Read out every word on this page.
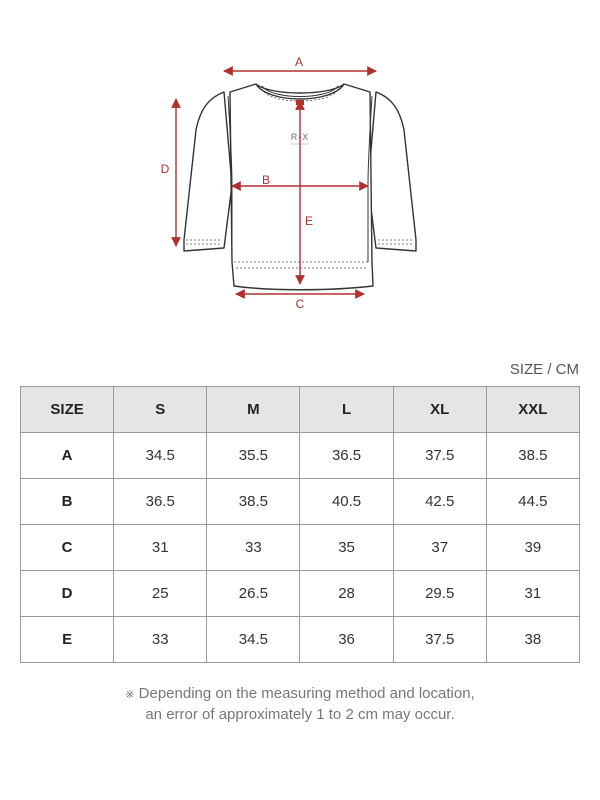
R-X
RIDE MAX
A
B
C
D
E
SIZE / CM
SIZE	S	M	L	XL	XXL
A	34.5	35.5	36.5	37.5	38.5
B	36.5	38.5	40.5	42.5	44.5
C	31	33	35	37	39
D	25	26.5	28	29.5	31
E	33	34.5	36	37.5	38
※ Depending on the measuring method and location,
an error of approximately 1 to 2 cm may occur.
